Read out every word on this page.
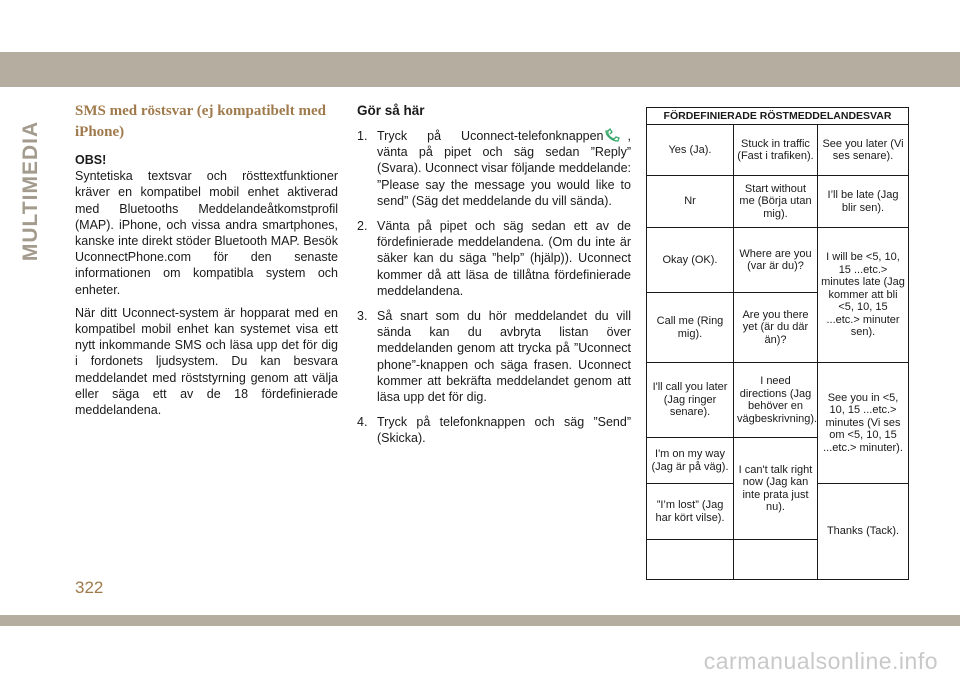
MULTIMEDIA
SMS med röstsvar (ej kompatibelt med iPhone)

OBS!

Syntetiska textsvar och rösttextfunktioner kräver en kompatibel mobil enhet aktiverad med Bluetooths Meddelandeåtkomstprofil (MAP). iPhone, och vissa andra smartphones, kanske inte direkt stöder Bluetooth MAP. Besök UconnectPhone.com för den senaste informationen om kompatibla system och enheter.

När ditt Uconnect-system är hopparat med en kompatibel mobil enhet kan systemet visa ett nytt inkommande SMS och läsa upp det för dig i fordonets ljudsystem. Du kan besvara meddelandet med röststyrning genom att välja eller säga ett av de 18 fördefinierade meddelandena.

Gör så här
1. Tryck på Uconnect-telefonknappen , vänta på pipet och säg sedan ”Reply” (Svara). Uconnect visar följande meddelande: ”Please say the message you would like to send” (Säg det meddelande du vill sända).
2. Vänta på pipet och säg sedan ett av de fördefinierade meddelandena. (Om du inte är säker kan du säga ”help” (hjälp)). Uconnect kommer då att läsa de tillåtna fördefinierade meddelandena.
3. Så snart som du hör meddelandet du vill sända kan du avbryta listan över meddelanden genom att trycka på ”Uconnect phone”-knappen och säga frasen. Uconnect kommer att bekräfta meddelandet genom att läsa upp det för dig.
4. Tryck på telefonknappen och säg ”Send” (Skicka).
FÖRDEFINIERADE RÖSTMEDDELANDESVAR		
Yes (Ja).	Stuck in traffic (Fast i trafiken).	See you later (Vi ses senare).
Nr	Start without me (Börja utan mig).	I’ll be late (Jag blir sen).
Okay (OK).	Where are you (var är du)?	I will be <5, 10, 15 ...etc.> minutes late (Jag kommer att bli <5, 10, 15 ...etc.> minuter sen).
Call me (Ring mig).	Are you there yet (är du där än)?	
I'll call you later (Jag ringer senare).	I need directions (Jag behöver en vägbeskrivning).	See you in <5, 10, 15 ...etc.> minutes (Vi ses om <5, 10, 15 ...etc.> minuter).
I'm on my way (Jag är på väg).	I can't talk right now (Jag kan inte prata just nu).	
”I’m lost” (Jag har kört vilse).		Thanks (Tack).

322
carmanualsonline.info
